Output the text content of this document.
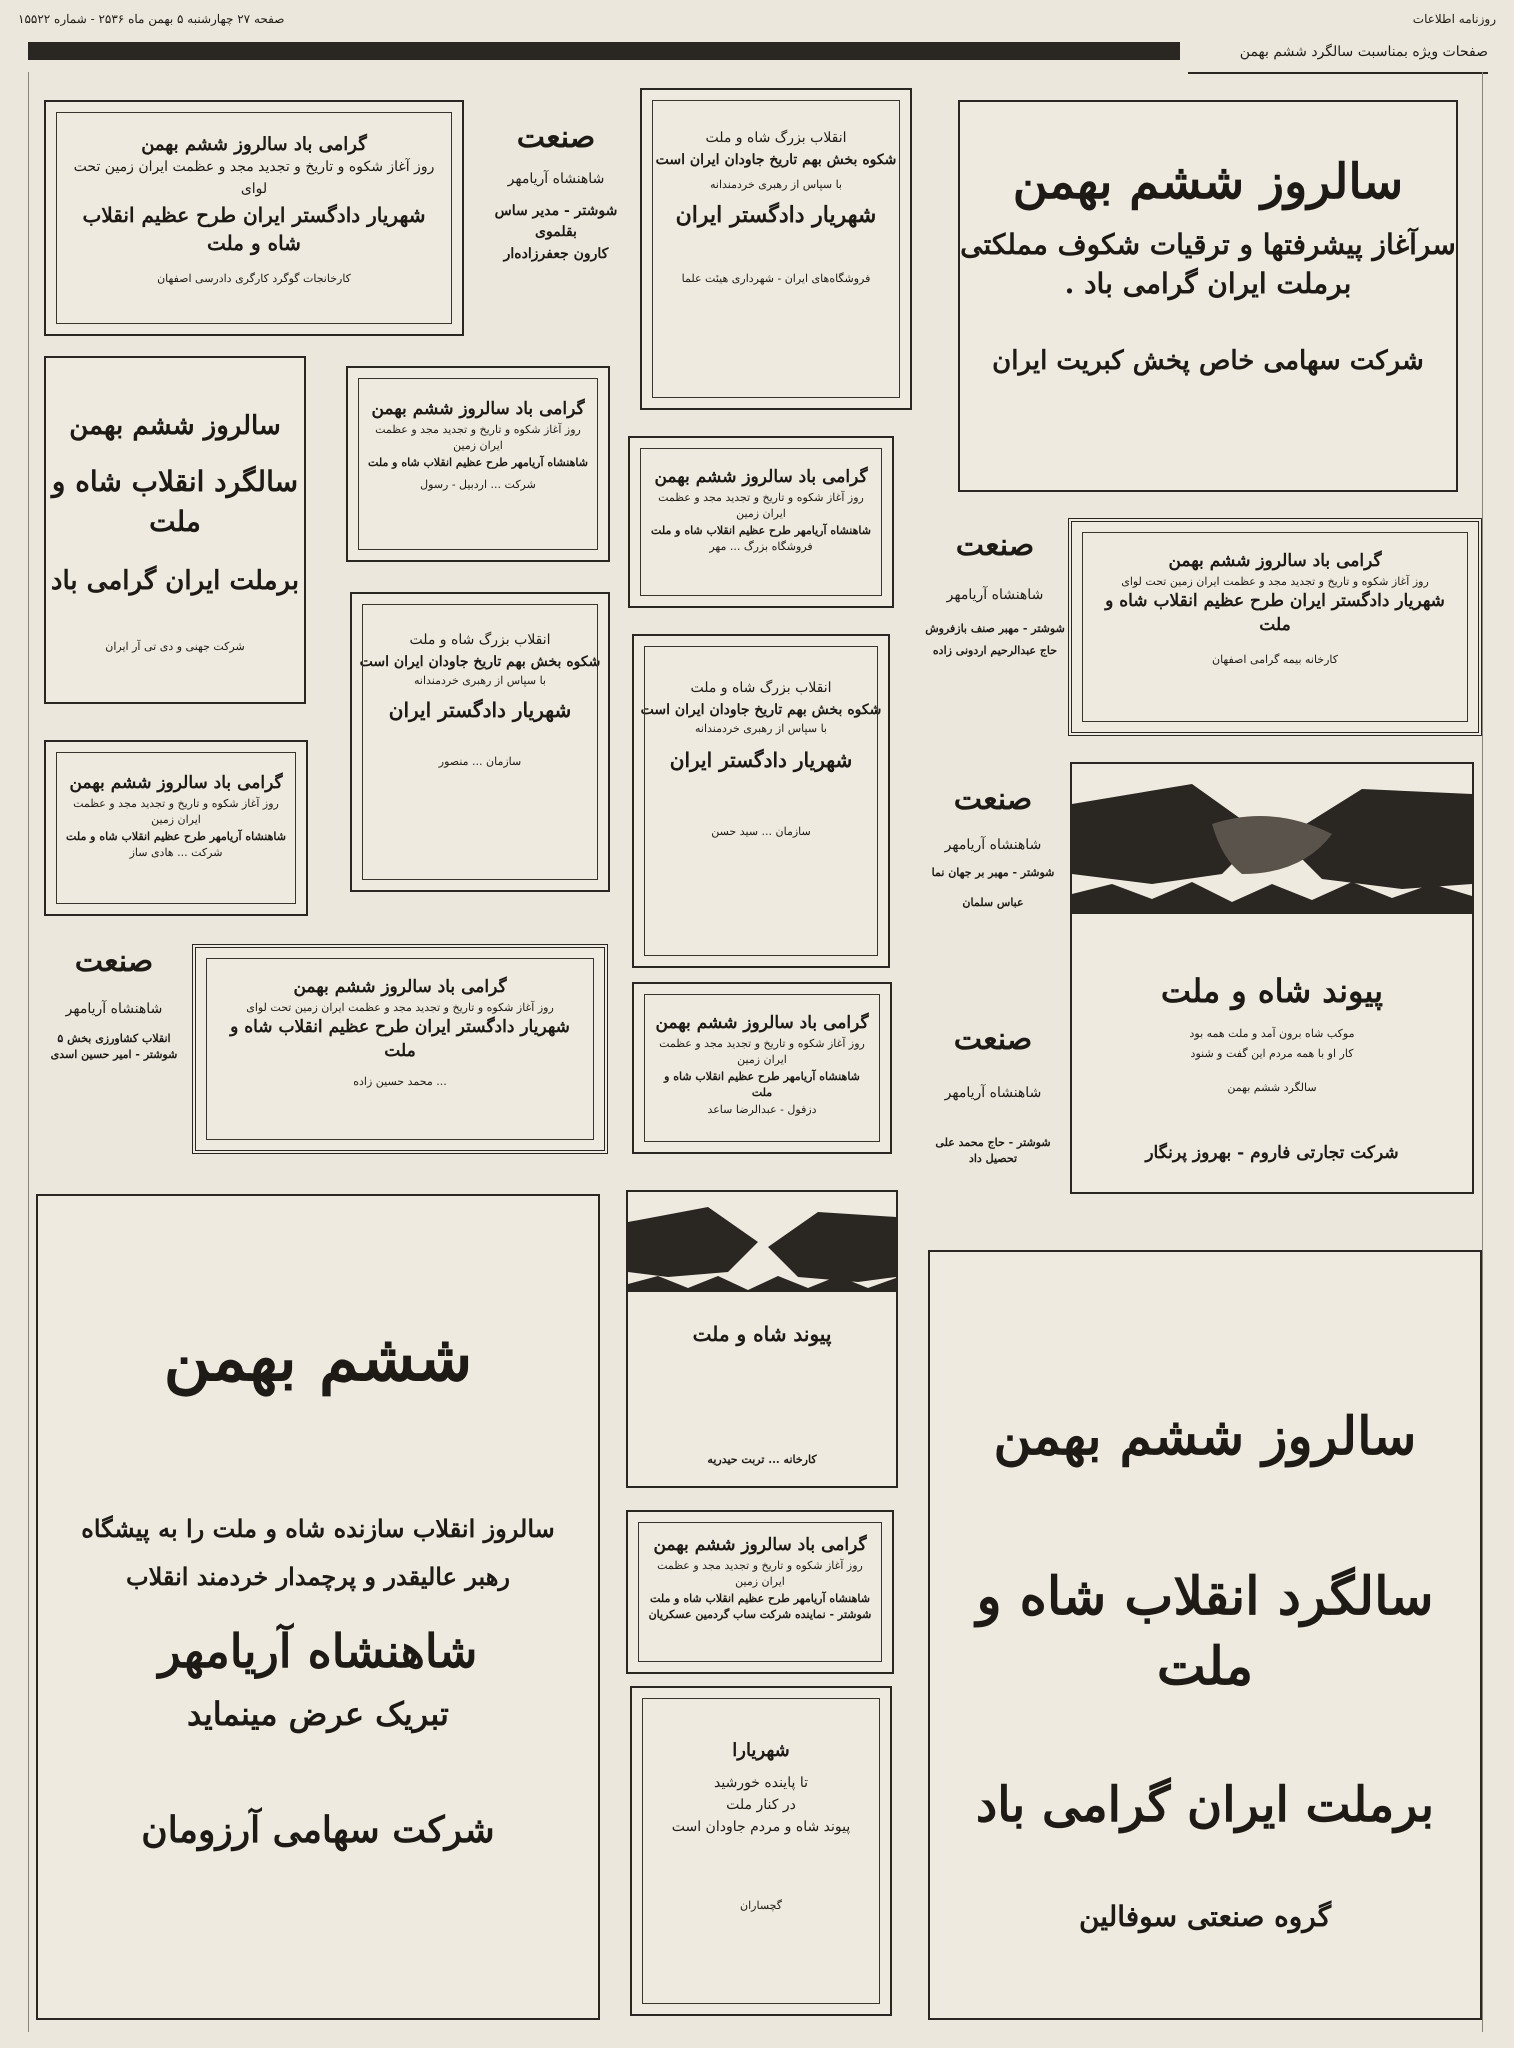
صفحه ۲۷ چهارشنبه ۵ بهمن ماه ۲۵۳۶ - شماره ۱۵۵۲۲	روزنامه اطلاعات
صفحات ویژه بمناسبت سالگرد ششم بهمن
سالروز ششم بهمن
سرآغاز پیشرفتها و ترقیات شکوف مملکتی
برملت ایران گرامی باد .
شرکت سهامی خاص پخش کبریت ایران
گرامی باد سالروز ششم بهمن
روز آغاز شکوه و تاریخ و تجدید مجد و عظمت ایران زمین تحت لوای
شهریار دادگستر ایران طرح عظیم انقلاب شاه و ملت
کارخانجات گوگرد کارگری دادرسی اصفهان
صنعت
شاهنشاه آریامهر
شوشتر - مدیر ساس بقلموی
کارون جعفرزاده‌ار
انقلاب بزرگ شاه و ملت
شکوه بخش بهم تاریخ جاودان ایران است
با سپاس از رهبری خردمندانه
شهریار دادگستر ایران
فروشگاه‌های ایران - شهرداری هیئت علما
سالروز ششم بهمن
سالگرد انقلاب شاه و ملت
برملت ایران گرامی باد
شرکت جهنی و دی تی آر ایران
گرامی باد سالروز ششم بهمن
روز آغاز شکوه و تاریخ و تجدید مجد و عظمت ایران زمین
شاهنشاه آریامهر طرح عظیم انقلاب شاه و ملت
شرکت ... اردبیل - رسول	گرامی باد سالروز ششم بهمن
روز آغاز شکوه و تاریخ و تجدید مجد و عظمت ایران زمین
شاهنشاه آریامهر طرح عظیم انقلاب شاه و ملت
فروشگاه بزرگ ... مهر	صنعت
شاهنشاه آریامهر
شوشتر - مهبر صنف بازفروش
حاج عبدالرحیم اردونی زاده
گرامی باد سالروز ششم بهمن
روز آغاز شکوه و تاریخ و تجدید مجد و عظمت ایران زمین تحت لوای
شهریار دادگستر ایران طرح عظیم انقلاب شاه و ملت
کارخانه بیمه گرامی اصفهان
انقلاب بزرگ شاه و ملت
شکوه بخش بهم تاریخ جاودان ایران است
با سپاس از رهبری خردمندانه
شهریار دادگستر ایران
سازمان ... منصور
انقلاب بزرگ شاه و ملت
شکوه بخش بهم تاریخ جاودان ایران است
با سپاس از رهبری خردمندانه
شهریار دادگستر ایران
سازمان ... سید حسن
گرامی باد سالروز ششم بهمن
روز آغاز شکوه و تاریخ و تجدید مجد و عظمت ایران زمین
شاهنشاه آریامهر طرح عظیم انقلاب شاه و ملت
شرکت ... هادی ساز
صنعت
شاهنشاه آریامهر
شوشتر - مهبر بر جهان نما
عباس سلمان
پیوند شاه و ملت
موکب شاه برون آمد و ملت همه بود
کار او با همه مردم این گفت و شنود
سالگرد ششم بهمن
شرکت تجارتی فاروم - بهروز پرنگار
صنعت
شاهنشاه آریامهر
انقلاب کشاورزی بخش ۵
شوشتر - امیر حسین اسدی
گرامی باد سالروز ششم بهمن
روز آغاز شکوه و تاریخ و تجدید مجد و عظمت ایران زمین تحت لوای
شهریار دادگستر ایران طرح عظیم انقلاب شاه و ملت
... محمد حسین زاده
گرامی باد سالروز ششم بهمن
روز آغاز شکوه و تاریخ و تجدید مجد و عظمت ایران زمین
شاهنشاه آریامهر طرح عظیم انقلاب شاه و ملت
دزفول - عبدالرضا ساعد
صنعت
شاهنشاه آریامهر
شوشتر - حاج محمد علی تحصیل داد
ششم بهمن
سالروز انقلاب سازنده شاه و ملت را به پیشگاه
رهبر عالیقدر و پرچمدار خردمند انقلاب
شاهنشاه آریامهر
تبریک عرض مینماید
شرکت سهامی آرزومان
پیوند شاه و ملت
کارخانه ... تربت حیدریه	سالروز ششم بهمن
سالگرد انقلاب شاه و ملت
برملت ایران گرامی باد
گروه صنعتی سوفالین
گرامی باد سالروز ششم بهمن
روز آغاز شکوه و تاریخ و تجدید مجد و عظمت ایران زمین
شاهنشاه آریامهر طرح عظیم انقلاب شاه و ملت
شوشتر - نماینده شرکت ساب گردمین عسکریان
شهریارا
تا پاینده خورشید
در کنار ملت
پیوند شاه و مردم جاودان است
گچساران
